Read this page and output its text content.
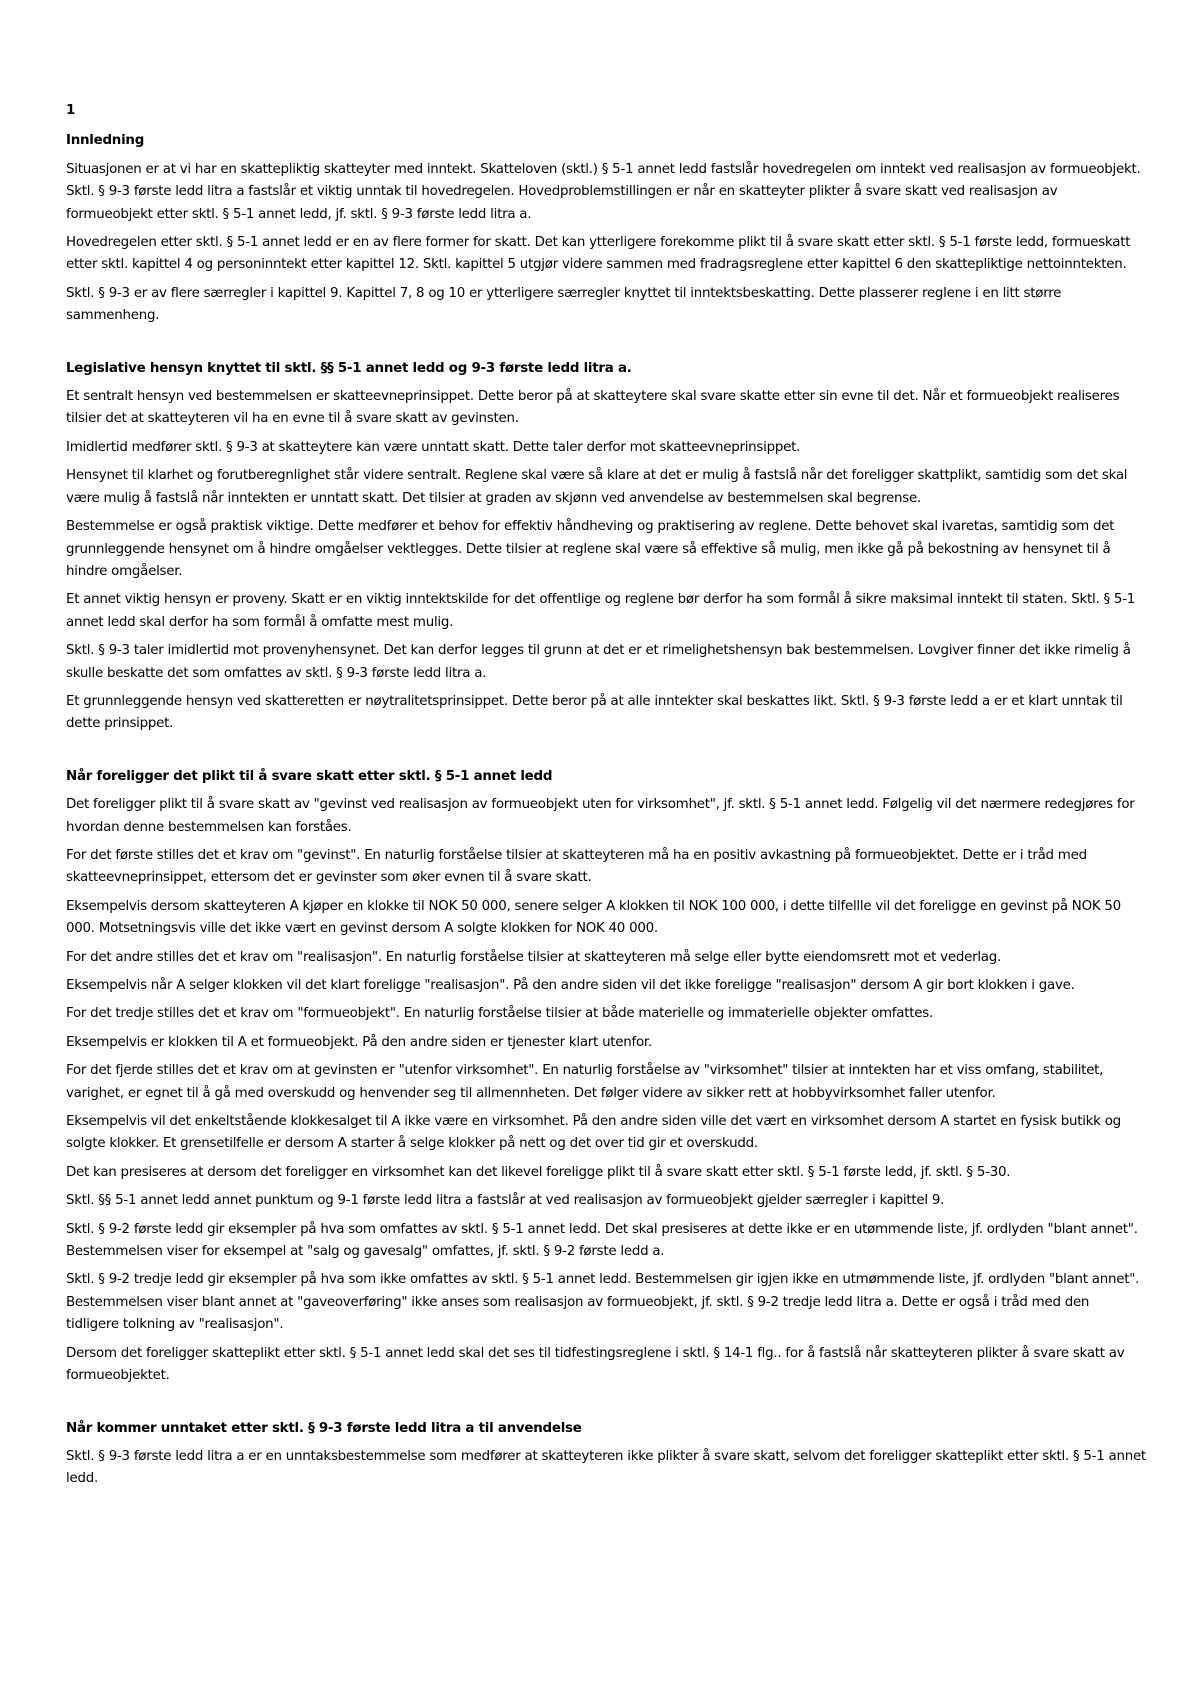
1
Innledning

Situasjonen er at vi har en skattepliktig skatteyter med inntekt. Skatteloven (sktl.) § 5-1 annet ledd fastslår hovedregelen om inntekt ved realisasjon av formueobjekt. Sktl. § 9-3 første ledd litra a fastslår et viktig unntak til hovedregelen. Hovedproblemstillingen er når en skatteyter plikter å svare skatt ved realisasjon av formueobjekt etter sktl. § 5-1 annet ledd, jf. sktl. § 9-3 første ledd litra a.

Hovedregelen etter sktl. § 5-1 annet ledd er en av flere former for skatt. Det kan ytterligere forekomme plikt til å svare skatt etter sktl. § 5-1 første ledd, formueskatt etter sktl. kapittel 4 og personinntekt etter kapittel 12. Sktl. kapittel 5 utgjør videre sammen med fradragsreglene etter kapittel 6 den skattepliktige nettoinntekten.

Sktl. § 9-3 er av flere særregler i kapittel 9. Kapittel 7, 8 og 10 er ytterligere særregler knyttet til inntektsbeskatting. Dette plasserer reglene i en litt større sammenheng.

Legislative hensyn knyttet til sktl. §§ 5-1 annet ledd og 9-3 første ledd litra a.

Et sentralt hensyn ved bestemmelsen er skatteevneprinsippet. Dette beror på at skatteytere skal svare skatte etter sin evne til det. Når et formueobjekt realiseres tilsier det at skatteyteren vil ha en evne til å svare skatt av gevinsten.

Imidlertid medfører sktl. § 9-3 at skatteytere kan være unntatt skatt. Dette taler derfor mot skatteevneprinsippet.

Hensynet til klarhet og forutberegnlighet står videre sentralt. Reglene skal være så klare at det er mulig å fastslå når det foreligger skattplikt, samtidig som det skal være mulig å fastslå når inntekten er unntatt skatt. Det tilsier at graden av skjønn ved anvendelse av bestemmelsen skal begrense.

Bestemmelse er også praktisk viktige. Dette medfører et behov for effektiv håndheving og praktisering av reglene. Dette behovet skal ivaretas, samtidig som det grunnleggende hensynet om å hindre omgåelser vektlegges. Dette tilsier at reglene skal være så effektive så mulig, men ikke gå på bekostning av hensynet til å hindre omgåelser.

Et annet viktig hensyn er proveny. Skatt er en viktig inntektskilde for det offentlige og reglene bør derfor ha som formål å sikre maksimal inntekt til staten. Sktl. § 5-1 annet ledd skal derfor ha som formål å omfatte mest mulig.

Sktl. § 9-3 taler imidlertid mot provenyhensynet. Det kan derfor legges til grunn at det er et rimelighetshensyn bak bestemmelsen. Lovgiver finner det ikke rimelig å skulle beskatte det som omfattes av sktl. § 9-3 første ledd litra a.

Et grunnleggende hensyn ved skatteretten er nøytralitetsprinsippet. Dette beror på at alle inntekter skal beskattes likt. Sktl. § 9-3 første ledd a er et klart unntak til dette prinsippet.

Når foreligger det plikt til å svare skatt etter sktl. § 5-1 annet ledd

Det foreligger plikt til å svare skatt av "gevinst ved realisasjon av formueobjekt uten for virksomhet", jf. sktl. § 5-1 annet ledd. Følgelig vil det nærmere redegjøres for hvordan denne bestemmelsen kan forståes.

For det første stilles det et krav om "gevinst". En naturlig forståelse tilsier at skatteyteren må ha en positiv avkastning på formueobjektet. Dette er i tråd med skatteevneprinsippet, ettersom det er gevinster som øker evnen til å svare skatt.

Eksempelvis dersom skatteyteren A kjøper en klokke til NOK 50 000, senere selger A klokken til NOK 100 000, i dette tilfellle vil det foreligge en gevinst på NOK 50 000. Motsetningsvis ville det ikke vært en gevinst dersom A solgte klokken for NOK 40 000.

For det andre stilles det et krav om "realisasjon". En naturlig forståelse tilsier at skatteyteren må selge eller bytte eiendomsrett mot et vederlag.

Eksempelvis når A selger klokken vil det klart foreligge "realisasjon". På den andre siden vil det ikke foreligge "realisasjon" dersom A gir bort klokken i gave.

For det tredje stilles det et krav om "formueobjekt". En naturlig forståelse tilsier at både materielle og immaterielle objekter omfattes.

Eksempelvis er klokken til A et formueobjekt. På den andre siden er tjenester klart utenfor.

For det fjerde stilles det et krav om at gevinsten er "utenfor virksomhet". En naturlig forståelse av "virksomhet" tilsier at inntekten har et viss omfang, stabilitet, varighet, er egnet til å gå med overskudd og henvender seg til allmennheten. Det følger videre av sikker rett at hobbyvirksomhet faller utenfor.

Eksempelvis vil det enkeltstående klokkesalget til A ikke være en virksomhet. På den andre siden ville det vært en virksomhet dersom A startet en fysisk butikk og solgte klokker. Et grensetilfelle er dersom A starter å selge klokker på nett og det over tid gir et overskudd.

Det kan presiseres at dersom det foreligger en virksomhet kan det likevel foreligge plikt til å svare skatt etter sktl. § 5-1 første ledd, jf. sktl. § 5-30.

Sktl. §§ 5-1 annet ledd annet punktum og 9-1 første ledd litra a fastslår at ved realisasjon av formueobjekt gjelder særregler i kapittel 9.

Sktl. § 9-2 første ledd gir eksempler på hva som omfattes av sktl. § 5-1 annet ledd. Det skal presiseres at dette ikke er en utømmende liste, jf. ordlyden "blant annet". Bestemmelsen viser for eksempel at "salg og gavesalg" omfattes, jf. sktl. § 9-2 første ledd a.

Sktl. § 9-2 tredje ledd gir eksempler på hva som ikke omfattes av sktl. § 5-1 annet ledd. Bestemmelsen gir igjen ikke en utmømmende liste, jf. ordlyden "blant annet". Bestemmelsen viser blant annet at "gaveoverføring" ikke anses som realisasjon av formueobjekt, jf. sktl. § 9-2 tredje ledd litra a. Dette er også i tråd med den tidligere tolkning av "realisasjon".

Dersom det foreligger skatteplikt etter sktl. § 5-1 annet ledd skal det ses til tidfestingsreglene i sktl. § 14-1 flg.. for å fastslå når skatteyteren plikter å svare skatt av formueobjektet.

Når kommer unntaket etter sktl. § 9-3 første ledd litra a til anvendelse

Sktl. § 9-3 første ledd litra a er en unntaksbestemmelse som medfører at skatteyteren ikke plikter å svare skatt, selvom det foreligger skatteplikt etter sktl. § 5-1 annet ledd.
